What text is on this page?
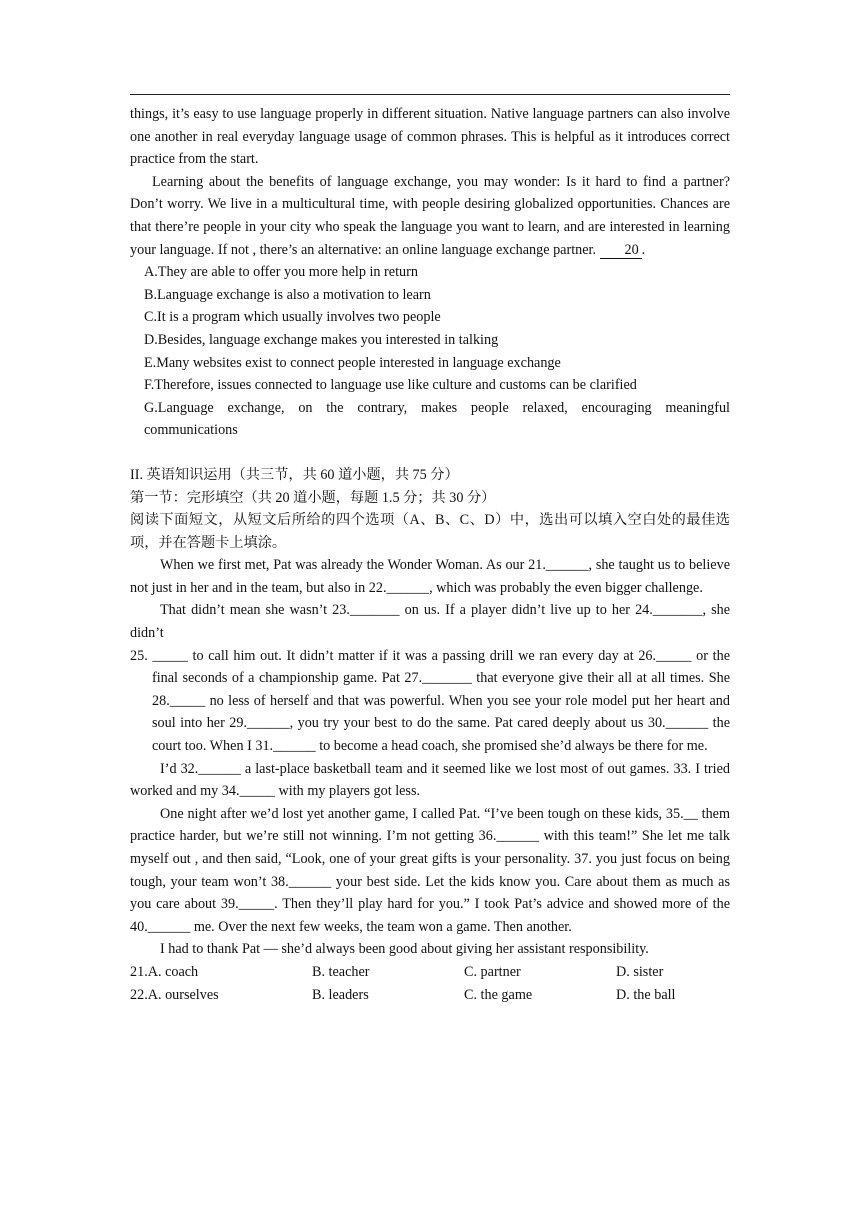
things, it’s easy to use language properly in different situation. Native language partners can also involve one another in real everyday language usage of common phrases. This is helpful as it introduces correct practice from the start.

Learning about the benefits of language exchange, you may wonder: Is it hard to find a partner? Don’t worry. We live in a multicultural time, with people desiring globalized opportunities. Chances are that there’re people in your city who speak the language you want to learn, and are interested in learning your language. If not , there’s an alternative: an online language exchange partner. 20 .

A.They are able to offer you more help in return

B.Language exchange is also a motivation to learn

C.It is a program which usually involves two people

D.Besides, language exchange makes you interested in talking

E.Many websites exist to connect people interested in language exchange

F.Therefore, issues connected to language use like culture and customs can be clarified

G.Language exchange, on the contrary, makes people relaxed, encouraging meaningful communications

II. 英语知识运用（共三节，共 60 道小题，共 75 分）

第一节：完形填空（共 20 道小题，每题 1.5 分；共 30 分）

阅读下面短文，从短文后所给的四个选项（A、B、C、D）中，选出可以填入空白处的最佳选项，并在答题卡上填涂。

When we first met, Pat was already the Wonder Woman. As our 21.______, she taught us to believe not just in her and in the team, but also in 22.______, which was probably the even bigger challenge.

That didn’t mean she wasn’t 23._______ on us. If a player didn’t live up to her 24._______, she didn’t

25. _____ to call him out. It didn’t matter if it was a passing drill we ran every day at 26._____ or the final seconds of a championship game. Pat 27._______ that everyone give their all at all times. She 28._____ no less of herself and that was powerful. When you see your role model put her heart and soul into her 29.______, you try your best to do the same. Pat cared deeply about us 30.______ the court too. When I 31.______ to become a head coach, she promised she’d always be there for me.

I’d 32.______ a last-place basketball team and it seemed like we lost most of out games. 33. I tried worked and my 34._____ with my players got less.

One night after we’d lost yet another game, I called Pat. “I’ve been tough on these kids, 35.__ them practice harder, but we’re still not winning. I’m not getting 36.______ with this team!” She let me talk myself out , and then said, “Look, one of your great gifts is your personality. 37. you just focus on being tough, your team won’t 38.______ your best side. Let the kids know you. Care about them as much as you care about 39._____. Then they’ll play hard for you.” I took Pat’s advice and showed more of the 40.______ me. Over the next few weeks, the team won a game. Then another.

I had to thank Pat — she’d always been good about giving her assistant responsibility.

21.A. coach	B. teacher	C. partner	D. sister
22.A. ourselves	B. leaders	C. the game	D. the ball
